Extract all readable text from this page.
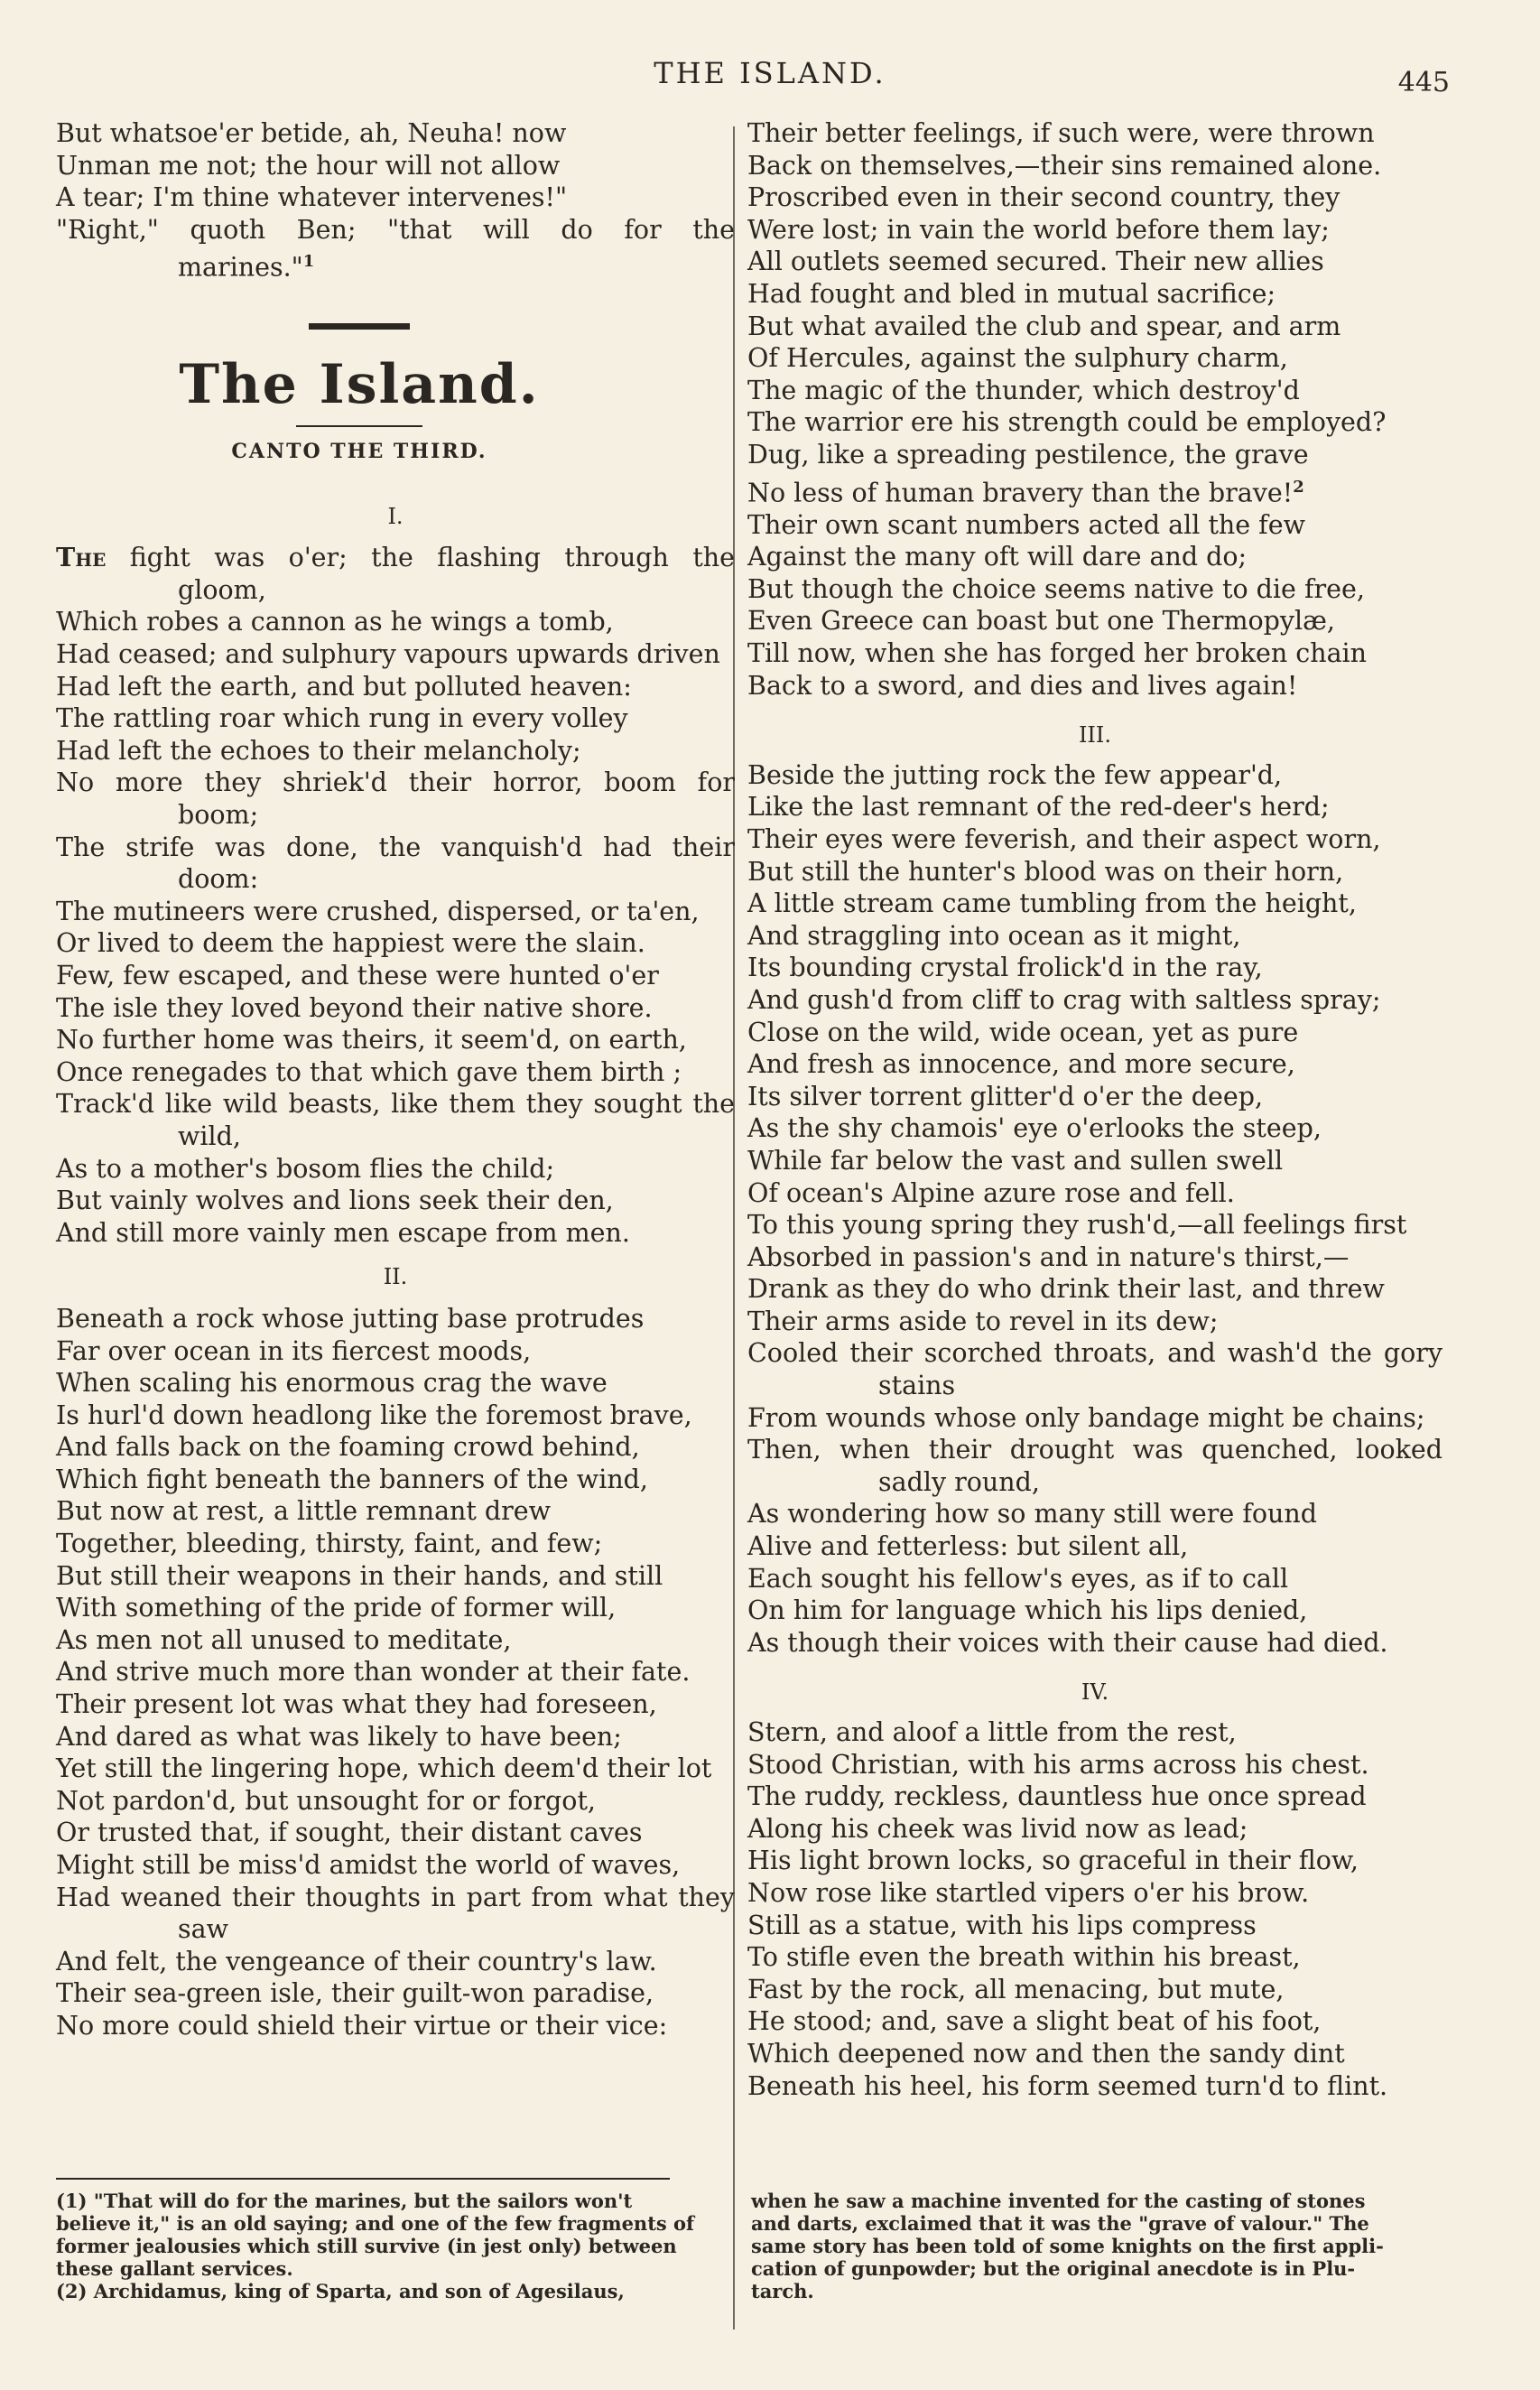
THE ISLAND.	445
But whatsoe'er betide, ah, Neuha! now
Unman me not; the hour will not allow
A tear; I'm thine whatever intervenes!"
"Right," quoth Ben; "that will do for the
marines."$^1$
The Island.
CANTO THE THIRD.
I.
The fight was o'er; the flashing through the
gloom,
Which robes a cannon as he wings a tomb,
Had ceased; and sulphury vapours upwards driven
Had left the earth, and but polluted heaven:
The rattling roar which rung in every volley
Had left the echoes to their melancholy;
No more they shriek'd their horror, boom for
boom;
The strife was done, the vanquish'd had their
doom:
The mutineers were crushed, dispersed, or ta'en,
Or lived to deem the happiest were the slain.
Few, few escaped, and these were hunted o'er
The isle they loved beyond their native shore.
No further home was theirs, it seem'd, on earth,
Once renegades to that which gave them birth ;
Track'd like wild beasts, like them they sought the
wild,
As to a mother's bosom flies the child;
But vainly wolves and lions seek their den,
And still more vainly men escape from men.
II.
Beneath a rock whose jutting base protrudes
Far over ocean in its fiercest moods,
When scaling his enormous crag the wave
Is hurl'd down headlong like the foremost brave,
And falls back on the foaming crowd behind,
Which fight beneath the banners of the wind,
But now at rest, a little remnant drew
Together, bleeding, thirsty, faint, and few;
But still their weapons in their hands, and still
With something of the pride of former will,
As men not all unused to meditate,
And strive much more than wonder at their fate.
Their present lot was what they had foreseen,
And dared as what was likely to have been;
Yet still the lingering hope, which deem'd their lot
Not pardon'd, but unsought for or forgot,
Or trusted that, if sought, their distant caves
Might still be miss'd amidst the world of waves,
Had weaned their thoughts in part from what they
saw
And felt, the vengeance of their country's law.
Their sea-green isle, their guilt-won paradise,
No more could shield their virtue or their vice:
Their better feelings, if such were, were thrown
Back on themselves,—their sins remained alone.
Proscribed even in their second country, they
Were lost; in vain the world before them lay;
All outlets seemed secured. Their new allies
Had fought and bled in mutual sacrifice;
But what availed the club and spear, and arm
Of Hercules, against the sulphury charm,
The magic of the thunder, which destroy'd
The warrior ere his strength could be employed?
Dug, like a spreading pestilence, the grave
No less of human bravery than the brave!$^2$
Their own scant numbers acted all the few
Against the many oft will dare and do;
But though the choice seems native to die free,
Even Greece can boast but one Thermopylæ,
Till now, when she has forged her broken chain
Back to a sword, and dies and lives again!
III.
Beside the jutting rock the few appear'd,
Like the last remnant of the red-deer's herd;
Their eyes were feverish, and their aspect worn,
But still the hunter's blood was on their horn,
A little stream came tumbling from the height,
And straggling into ocean as it might,
Its bounding crystal frolick'd in the ray,
And gush'd from cliff to crag with saltless spray;
Close on the wild, wide ocean, yet as pure
And fresh as innocence, and more secure,
Its silver torrent glitter'd o'er the deep,
As the shy chamois' eye o'erlooks the steep,
While far below the vast and sullen swell
Of ocean's Alpine azure rose and fell.
To this young spring they rush'd,—all feelings first
Absorbed in passion's and in nature's thirst,—
Drank as they do who drink their last, and threw
Their arms aside to revel in its dew;
Cooled their scorched throats, and wash'd the gory
stains
From wounds whose only bandage might be chains;
Then, when their drought was quenched, looked
sadly round,
As wondering how so many still were found
Alive and fetterless: but silent all,
Each sought his fellow's eyes, as if to call
On him for language which his lips denied,
As though their voices with their cause had died.
IV.
Stern, and aloof a little from the rest,
Stood Christian, with his arms across his chest.
The ruddy, reckless, dauntless hue once spread
Along his cheek was livid now as lead;
His light brown locks, so graceful in their flow,
Now rose like startled vipers o'er his brow.
Still as a statue, with his lips compress
To stifle even the breath within his breast,
Fast by the rock, all menacing, but mute,
He stood; and, save a slight beat of his foot,
Which deepened now and then the sandy dint
Beneath his heel, his form seemed turn'd to flint.
(1) "That will do for the marines, but the sailors won't
believe it," is an old saying; and one of the few fragments of
former jealousies which still survive (in jest only) between
these gallant services.
(2) Archidamus, king of Sparta, and son of Agesilaus,
when he saw a machine invented for the casting of stones
and darts, exclaimed that it was the "grave of valour." The
same story has been told of some knights on the first appli-
cation of gunpowder; but the original anecdote is in Plu-
tarch.
